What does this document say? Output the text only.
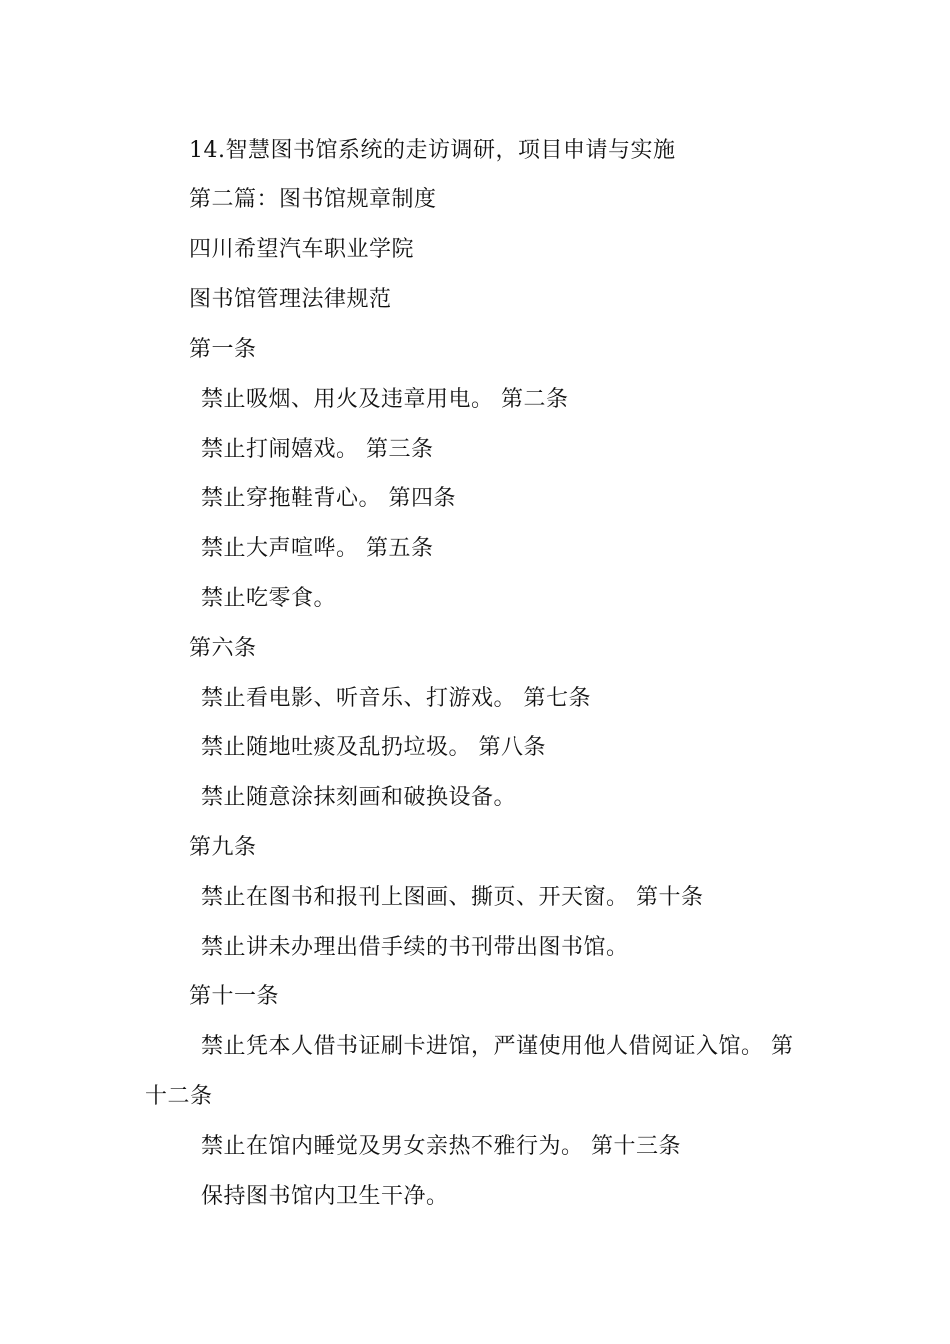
14.智慧图书馆系统的走访调研，项目申请与实施
第二篇：图书馆规章制度
四川希望汽车职业学院
图书馆管理法律规范
第一条
禁止吸烟、用火及违章用电。 第二条
禁止打闹嬉戏。 第三条
禁止穿拖鞋背心。 第四条
禁止大声喧哗。 第五条
禁止吃零食。
第六条
禁止看电影、听音乐、打游戏。 第七条
禁止随地吐痰及乱扔垃圾。 第八条
禁止随意涂抹刻画和破换设备。
第九条
禁止在图书和报刊上图画、撕页、开天窗。 第十条
禁止讲未办理出借手续的书刊带出图书馆。
第十一条
禁止凭本人借书证刷卡进馆，严谨使用他人借阅证入馆。 第
十二条
禁止在馆内睡觉及男女亲热不雅行为。 第十三条
保持图书馆内卫生干净。
